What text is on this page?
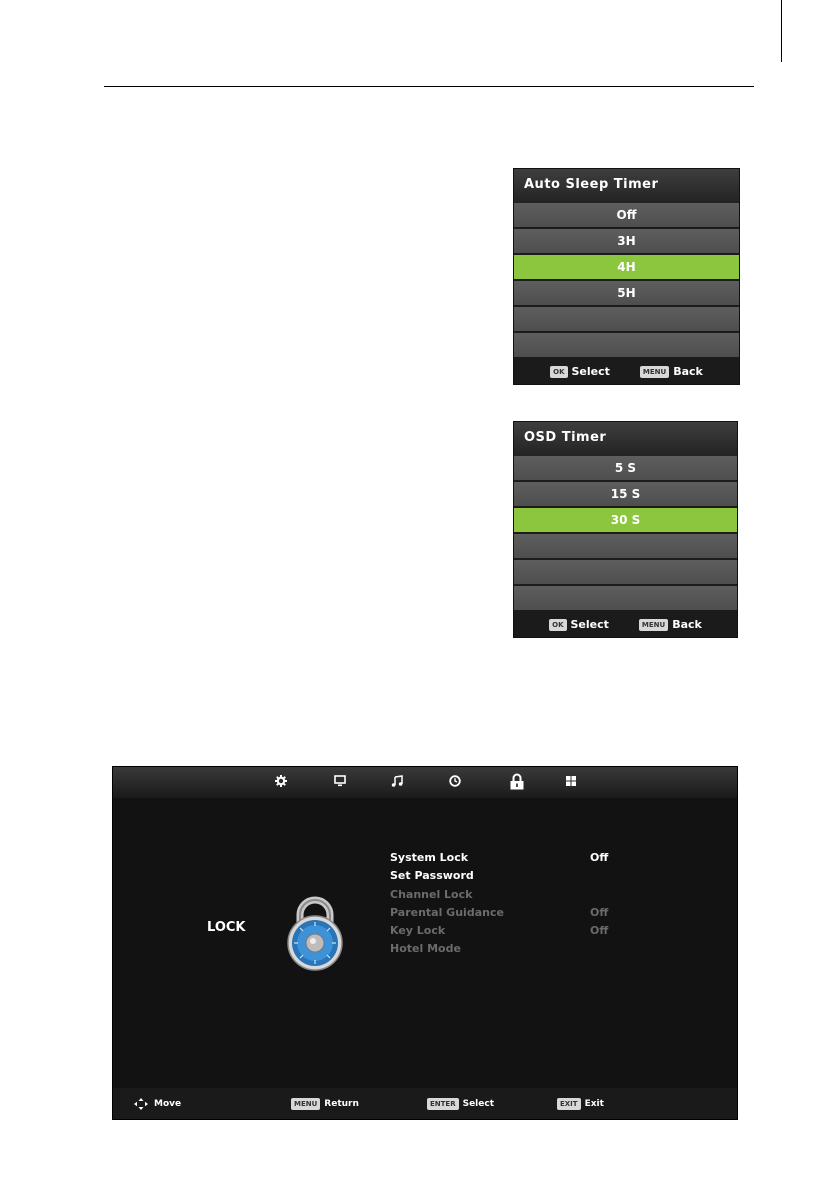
Auto Sleep Timer
Off
3H
4H
5H
OK Select	MENU Back
OSD Timer
5 S
15 S
30 S
OK Select	MENU Back
LOCK
System Lock	Off
Set Password
Channel Lock
Parental Guidance	Off
Key Lock	Off
Hotel Mode
Move	MENU Return	ENTER Select	EXIT Exit
